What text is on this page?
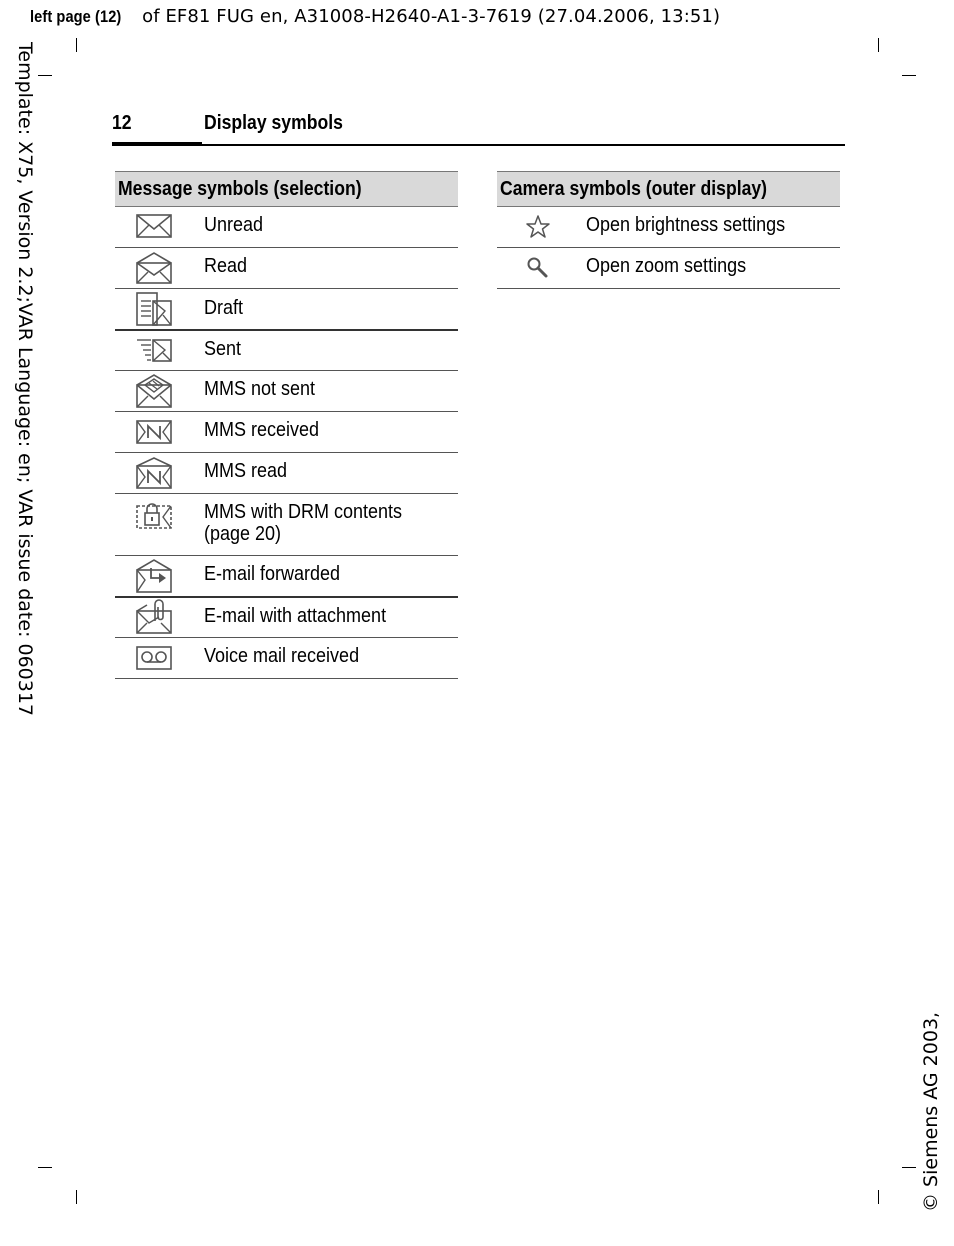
left page (12) of EF81 FUG en, A31008-H2640-A1-3-7619 (27.04.2006, 13:51)
Template: X75, Version 2.2;VAR Language: en; VAR issue date: 060317
© Siemens AG 2003,
12	Display symbols
Message symbols (selection)
Unread
Read
Draft
Sent
MMS not sent
MMS received
MMS read
MMS with DRM contents
(page 20)
E-mail forwarded
E-mail with attachment
Voice mail received
Camera symbols (outer display)
Open brightness settings
Open zoom settings
